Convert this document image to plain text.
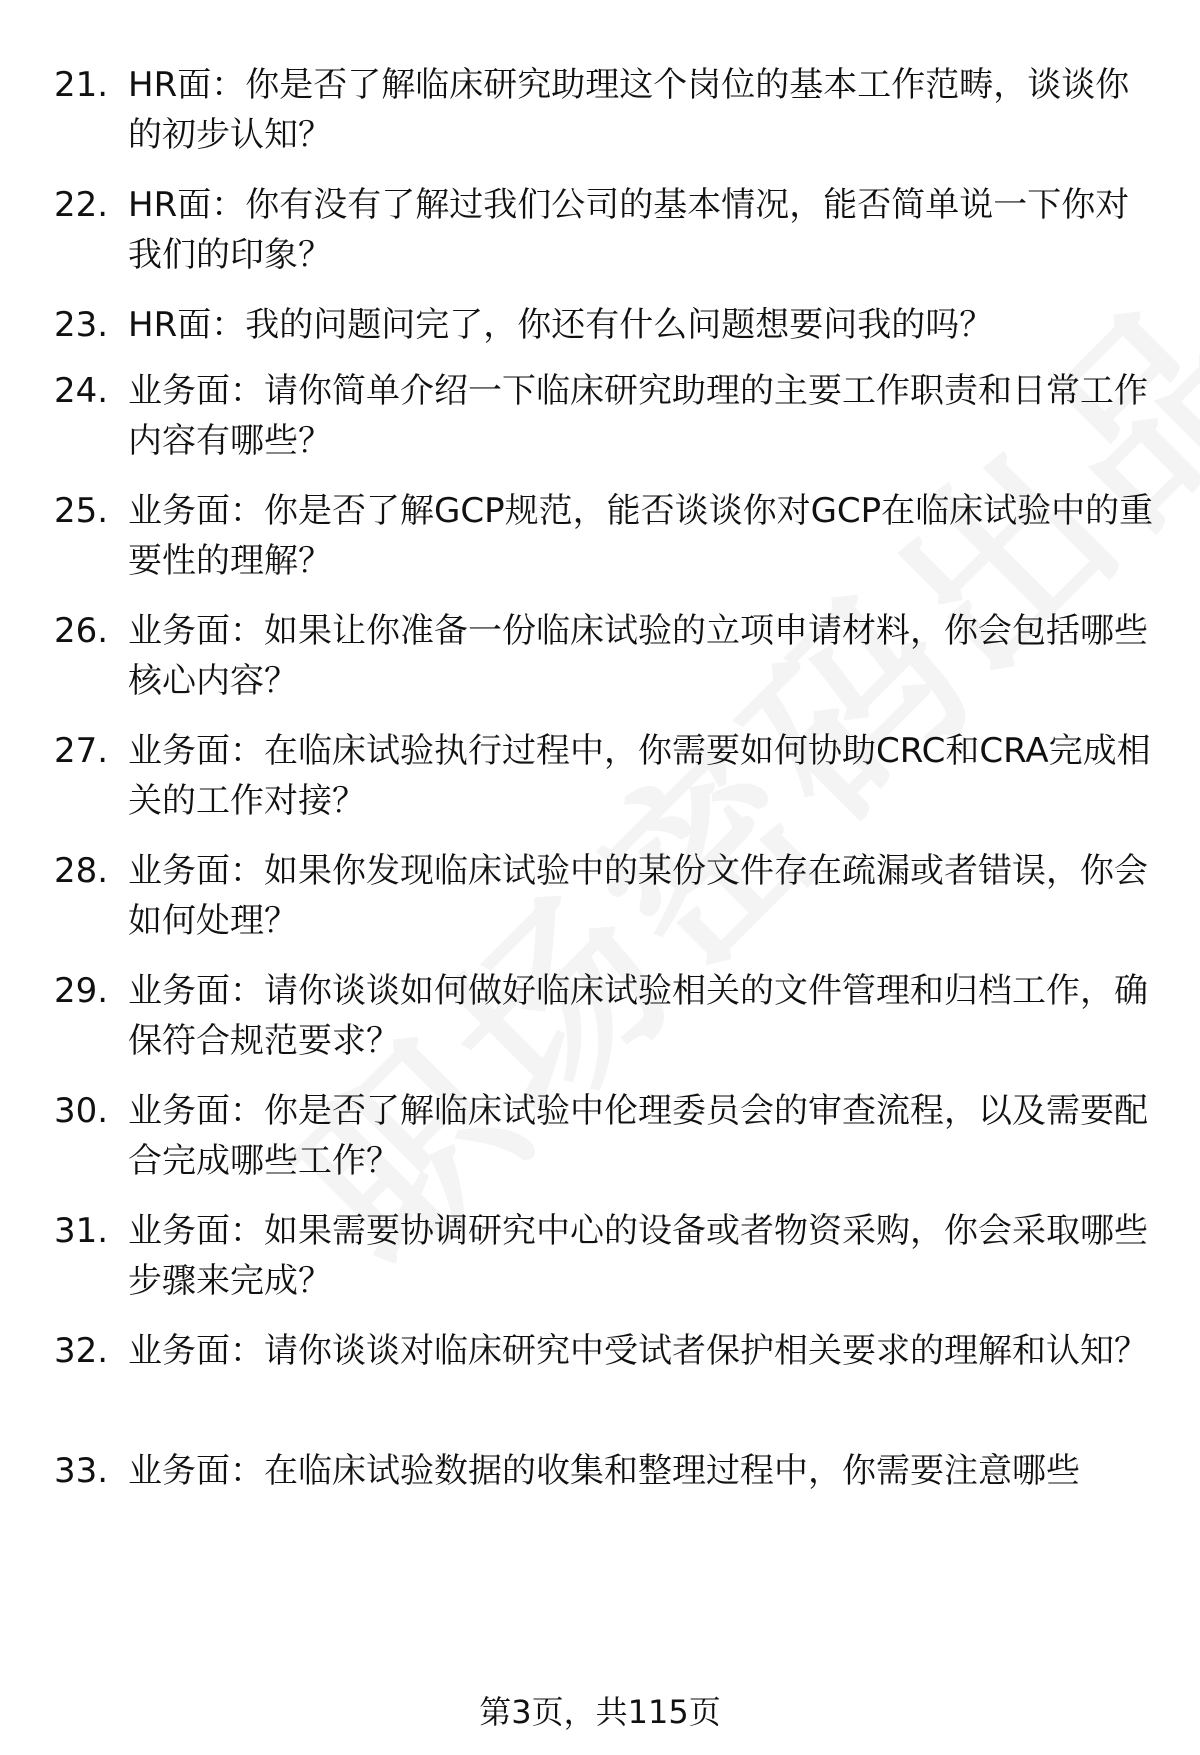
21. HR面：你是否了解临床研究助理这个岗位的基本工作范畴，谈谈你的初步认知？
22. HR面：你有没有了解过我们公司的基本情况，能否简单说一下你对我们的印象？
23. HR面：我的问题问完了，你还有什么问题想要问我的吗？
24. 业务面：请你简单介绍一下临床研究助理的主要工作职责和日常工作内容有哪些？
25. 业务面：你是否了解GCP规范，能否谈谈你对GCP在临床试验中的重要性的理解？
26. 业务面：如果让你准备一份临床试验的立项申请材料，你会包括哪些核心内容？
27. 业务面：在临床试验执行过程中，你需要如何协助CRC和CRA完成相关的工作对接？
28. 业务面：如果你发现临床试验中的某份文件存在疏漏或者错误，你会如何处理？
29. 业务面：请你谈谈如何做好临床试验相关的文件管理和归档工作，确保符合规范要求？
30. 业务面：你是否了解临床试验中伦理委员会的审查流程，以及需要配合完成哪些工作？
31. 业务面：如果需要协调研究中心的设备或者物资采购，你会采取哪些步骤来完成？
32. 业务面：请你谈谈对临床研究中受试者保护相关要求的理解和认知？
33. 业务面：在临床试验数据的收集和整理过程中，你需要注意哪些
第3页，共115页
